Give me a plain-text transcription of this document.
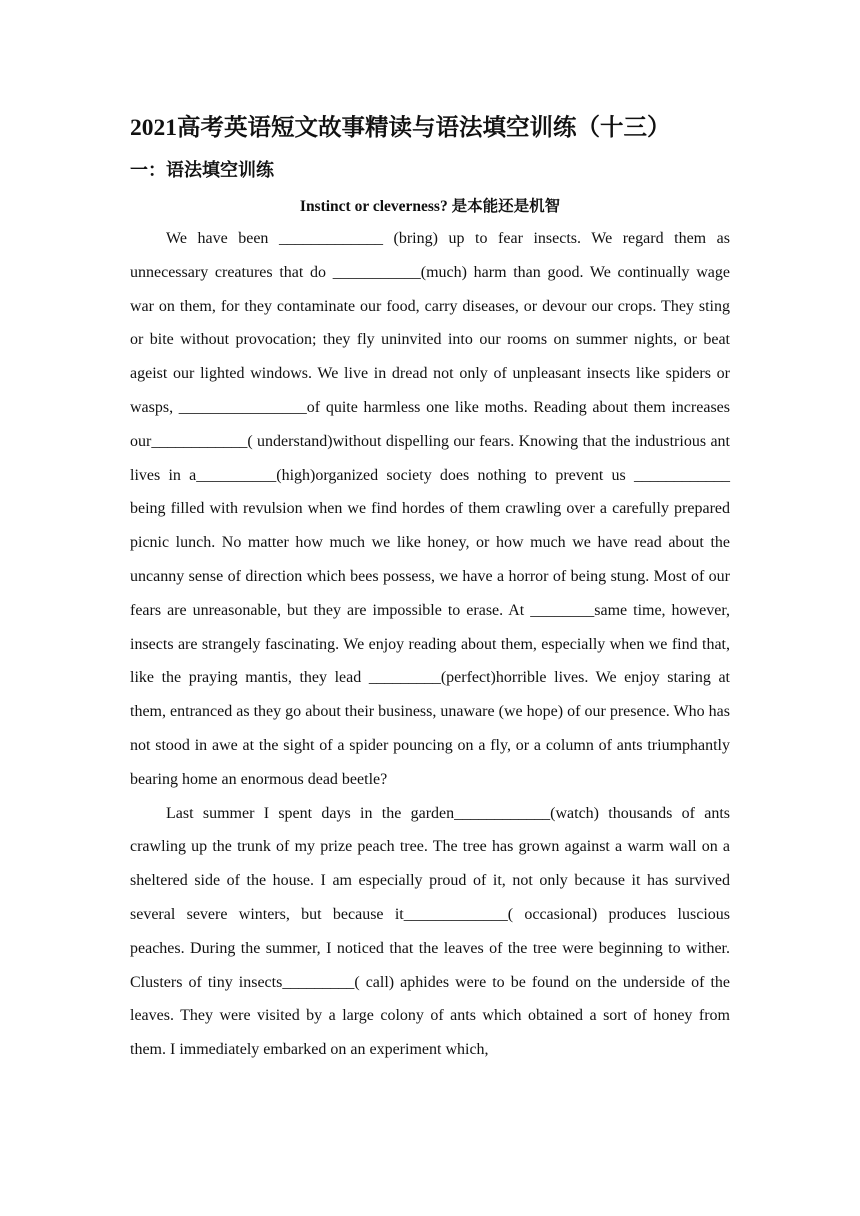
2021高考英语短文故事精读与语法填空训练（十三）
一：语法填空训练
Instinct or cleverness? 是本能还是机智

We have been _____________ (bring) up to fear insects. We regard them as unnecessary creatures that do ___________(much) harm than good. We continually wage war on them, for they contaminate our food, carry diseases, or devour our crops. They sting or bite without provocation; they fly uninvited into our rooms on summer nights, or beat ageist our lighted windows. We live in dread not only of unpleasant insects like spiders or wasps, ________________of quite harmless one like moths. Reading about them increases our____________( understand)without dispelling our fears. Knowing that the industrious ant lives in a__________(high)organized society does nothing to prevent us ____________ being filled with revulsion when we find hordes of them crawling over a carefully prepared picnic lunch. No matter how much we like honey, or how much we have read about the uncanny sense of direction which bees possess, we have a horror of being stung. Most of our fears are unreasonable, but they are impossible to erase. At ________same time, however, insects are strangely fascinating. We enjoy reading about them, especially when we find that, like the praying mantis, they lead _________(perfect)horrible lives. We enjoy staring at them, entranced as they go about their business, unaware (we hope) of our presence. Who has not stood in awe at the sight of a spider pouncing on a fly, or a column of ants triumphantly bearing home an enormous dead beetle?

Last summer I spent days in the garden____________(watch) thousands of ants crawling up the trunk of my prize peach tree. The tree has grown against a warm wall on a sheltered side of the house. I am especially proud of it, not only because it has survived several severe winters, but because it_____________( occasional) produces luscious peaches. During the summer, I noticed that the leaves of the tree were beginning to wither. Clusters of tiny insects_________( call) aphides were to be found on the underside of the leaves. They were visited by a large colony of ants which obtained a sort of honey from them. I immediately embarked on an experiment which,
